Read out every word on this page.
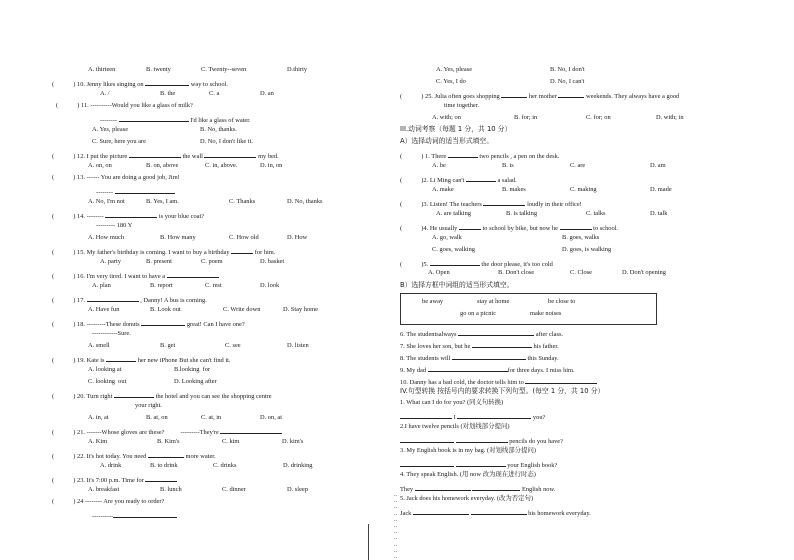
A. thirteen	B. twenty	C. Twenty--seven	D.thirty
(            ) 10. Jenny likes singing on	way to school.
A. /	B. the	C. a	D. an
(            ) 11. ----------Would you like a glass of milk?
--------	I'd like a glass of water.
A. Yes, please	B. No, thanks.
C. Sure, here you are	D. No, I don't like it.
(            ) 12. I put the picture	the wall	my bed.
A. on, on	B. on, above	C. in, above.	D. in, on
(            ) 13. ------ You are doing a good job, Jim!
--------
A. No, I'm not	B. Yes, I am.	C. Thanks	D. No, thanks
(            ) 14. --------	is your blue coat?
--------- 180 Y
A. How much	B. How many	C. How old	D. How
(            ) 15. My father's birthday is coming. I want to buy a birthday	for him.
A. party	B. present	C. poem	D. basket
(            ) 16. I'm very tired. I want to have a
A. plan	B. report	C. rest	D. look
(            ) 17.	, Danny! A bus is coming.
A. Have fun	B. Look out	C. Write down	D. Stay home
(            ) 18. ---------These donuts	great! Can I have one?
------------Sure.
A. smell	B. get	C. see	D. listen
(            ) 19. Kate is	her new iPhone But she can't find it.
A. looking at	B.looking  for
C. looking  out	D. Looking after
(            ) 20. Turn right	the hotel and you can see the shopping centre
your right.
A. in, at	B. at, on	C. at, in	D. on, at
(            ) 21. -------Whose gloves are these?          ---------They're
A. Kim	B. Kim's	C. kim	D. kim's
(            ) 22. It's hot today. You need	more water.
A. drink	B. to drink	C. drinks	D. drinking
(            ) 23. It's 7:00 p.m. Time for
A. breakfast	B. lunch	C. dinner	D. sleep
(            ) 24 -------- Are you ready to order?
----------
A. Yes, please	B. No, I don't
C. Yes, I do	D. No, I can't
(            ) 25. Julia often goes shopping	her mother	weekends. They always have a good
time together.
A. with; on	B. for; in	C. for; on	D. with; in
III.动词考察（每题 1 分，共 10 分）
A）选择动词的适当形式填空。
(            ) 1. There	two pencils , a pen on the desk.
A. be	B. is	C. are	D. am
(            )2. Li Ming can't	a salad.
A. make	B. makes	C. making	D. made
(            )3. Listen! The teachers	loudly in their office!
A. are talking	B. is talking	C. talks	D. talk
(            )4. He usually	to school by bike, but now he	to school.
A. go, walk	B. goes, walks
C. goes, walking	D. goes, is walking
(            )5.	the door please, it's too cold
A. Open	B. Don't close	C. Close	D. Don't opening
B）选择方框中词组的适当形式填空。
be away	stay at home	be close to
go on a picnic	make noises
6. The studentsalways	after class.
7. She loves her son, but he	his father.
8. The students will	this Sunday.
9. My dad	for three days. I miss him.
10. Danny has a bad cold, the doctor tells him to
IV.句型转换 按括号内的要求转换下列句型。(每空 1 分，共 10 分）
1. What can I do for you? (同义句转换)
I	you?
2.I have twelve pencils (对划线部分提问)
pencils do you have?
3. My English book is in my bag. (对划线部分提问)
your English book?
4. They speak English. (用 now 改为现在进行时态)
They	English now.
5. Jack does his homework everyday. (改为否定句)
Jack	his homework everyday.
..
..
..
..
..
..
..
..
..
..
..
